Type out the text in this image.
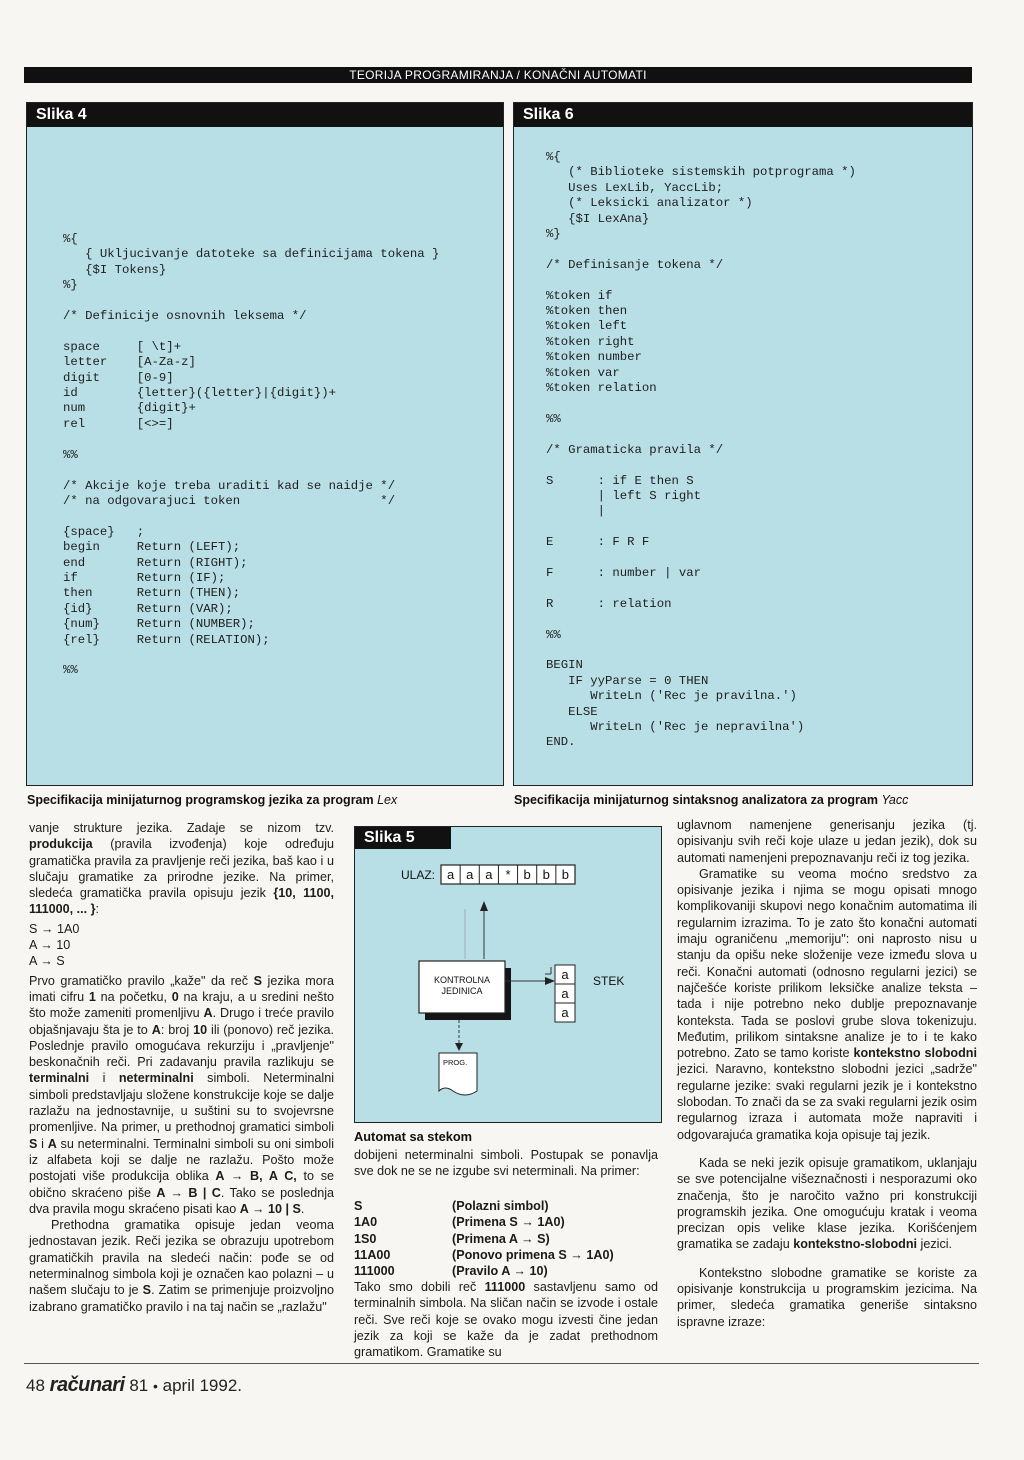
TEORIJA PROGRAMIRANJA / KONAČNI AUTOMATI
Slika 4
%{
{ Ukljucivanje datoteke sa definicijama tokena }
{$I Tokens}
%}

/* Definicije osnovnih leksema */

space     [ \t]+
letter    [A-Za-z]
digit     [0-9]
id        {letter}({letter}|{digit})+
num       {digit}+
rel       [<>=]

%%

/* Akcije koje treba uraditi kad se naidje */
/* na odgovarajuci token                   */

{space}   ;
begin     Return (LEFT);
end       Return (RIGHT);
if        Return (IF);
then      Return (THEN);
{id}      Return (VAR);
{num}     Return (NUMBER);
{rel}     Return (RELATION);

%%
Specifikacija minijaturnog programskog jezika za program Lex
Slika 6
%{
(* Biblioteke sistemskih potprograma *)
Uses LexLib, YaccLib;
(* Leksicki analizator *)
{$I LexAna}
%}

/* Definisanje tokena */

%token if
%token then
%token left
%token right
%token number
%token var
%token relation

%%

/* Gramaticka pravila */

S      : if E then S
| left S right
|

E      : F R F

F      : number | var

R      : relation

%%

BEGIN
IF yyParse = 0 THEN
WriteLn ('Rec je pravilna.')
ELSE
WriteLn ('Rec je nepravilna')
END.
Specifikacija minijaturnog sintaksnog analizatora za program Yacc

vanje strukture jezika. Zadaje se nizom tzv. produkcija (pravila izvođenja) koje određuju gramatička pravila za pravljenje reči jezika, baš kao i u slučaju gramatike za prirodne jezike. Na primer, sledeća gramatička pravila opisuju jezik {10, 1100, 111000, ... }:

S → 1A0
A → 10
A → S

Prvo gramatičko pravilo „kaže" da reč S jezika mora imati cifru 1 na početku, 0 na kraju, a u sredini nešto što može zameniti promenljivu A. Drugo i treće pravilo objašnjavaju šta je to A: broj 10 ili (ponovo) reč jezika. Poslednje pravilo omogućava rekurziju i „pravljenje" beskonačnih reči. Pri zadavanju pravila razlikuju se terminalni i neterminalni simboli. Neterminalni simboli predstavljaju složene konstrukcije koje se dalje razlažu na jednostavnije, u suštini su to svojevrsne promenljive. Na primer, u prethodnoj gramatici simboli S i A su neterminalni. Terminalni simboli su oni simboli iz alfabeta koji se dalje ne razlažu. Pošto može postojati više produkcija oblika A → B, A C, to se obično skraćeno piše A → B | C. Tako se poslednja dva pravila mogu skraćeno pisati kao A → 10 | S.

Prethodna gramatika opisuje jedan veoma jednostavan jezik. Reči jezika se obrazuju upotrebom gramatičkih pravila na sledeći način: pođe se od neterminalnog simbola koji je označen kao polazni – u našem slučaju to je S. Zatim se primenjuje proizvoljno izabrano gramatičko pravilo i na taj način se „razlažu"

Slika 5
ULAZ: a a a * b b b
KONTROLNA
JEDINICA
a
a
a
STEK
PROG.
Automat sa stekom

dobijeni neterminalni simboli. Postupak se ponavlja sve dok ne se ne izgube svi neterminali. Na primer:

S	(Polazni simbol)
1A0	(Primena S → 1A0)
1S0	(Primena A → S)
11A00	(Ponovo primena S → 1A0)
111000	(Pravilo A → 10)

Tako smo dobili reč 111000 sastavljenu samo od terminalnih simbola. Na sličan način se izvode i ostale reči. Sve reči koje se ovako mogu izvesti čine jedan jezik za koji se kaže da je zadat prethodnom gramatikom. Gramatike su

uglavnom namenjene generisanju jezika (tj. opisivanju svih reči koje ulaze u jedan jezik), dok su automati namenjeni prepoznavanju reči iz tog jezika.

Gramatike su veoma moćno sredstvo za opisivanje jezika i njima se mogu opisati mnogo komplikovaniji skupovi nego konačnim automatima ili regularnim izrazima. To je zato što konačni automati imaju ograničenu „memoriju": oni naprosto nisu u stanju da opišu neke složenije veze između slova u reči. Konačni automati (odnosno regularni jezici) se najčešće koriste prilikom leksičke analize teksta – tada i nije potrebno neko dublje prepoznavanje konteksta. Tada se poslovi grube slova tokenizuju. Međutim, prilikom sintaksne analize je to i te kako potrebno. Zato se tamo koriste kontekstno slobodni jezici. Naravno, kontekstno slobodni jezici „sadrže" regularne jezike: svaki regularni jezik je i kontekstno slobodan. To znači da se za svaki regularni jezik osim regularnog izraza i automata može napraviti i odgovarajuća gramatika koja opisuje taj jezik.

Kada se neki jezik opisuje gramatikom, uklanjaju se sve potencijalne višeznačnosti i nesporazumi oko značenja, što je naročito važno pri konstrukciji programskih jezika. One omogućuju kratak i veoma precizan opis velike klase jezika. Korišćenjem gramatika se zadaju kontekstno-slobodni jezici.

Kontekstno slobodne gramatike se koriste za opisivanje konstrukcija u programskim jezicima. Na primer, sledeća gramatika generiše sintaksno ispravne izraze:

48 računari 81 • april 1992.
